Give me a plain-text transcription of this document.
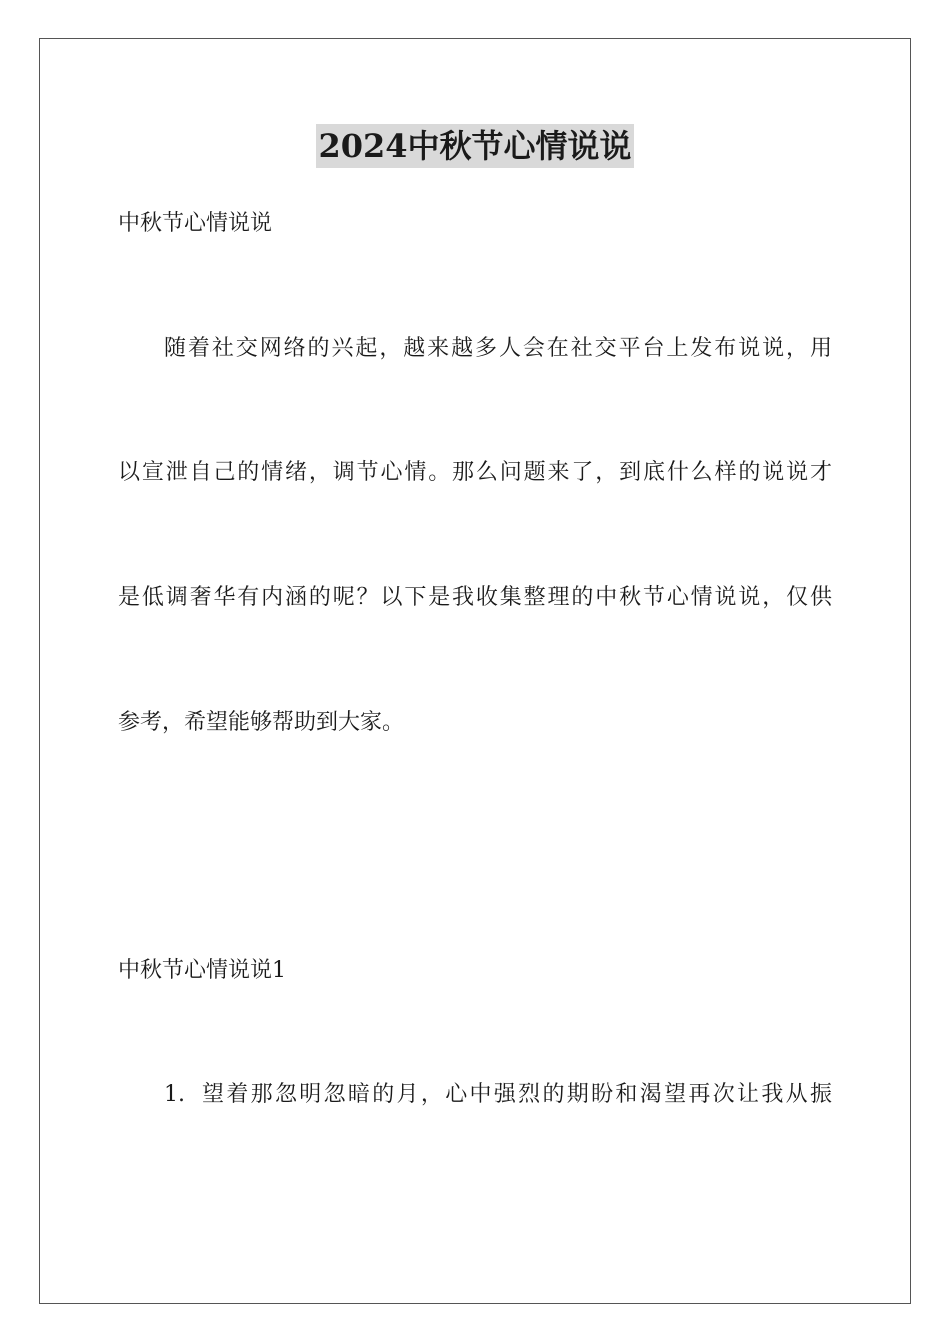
2024中秋节心情说说
中秋节心情说说
随着社交网络的兴起，越来越多人会在社交平台上发布说说，用
以宣泄自己的情绪，调节心情。那么问题来了，到底什么样的说说才
是低调奢华有内涵的呢？以下是我收集整理的中秋节心情说说，仅供
参考，希望能够帮助到大家。
中秋节心情说说1
1. 望着那忽明忽暗的月，心中强烈的期盼和渴望再次让我从振
